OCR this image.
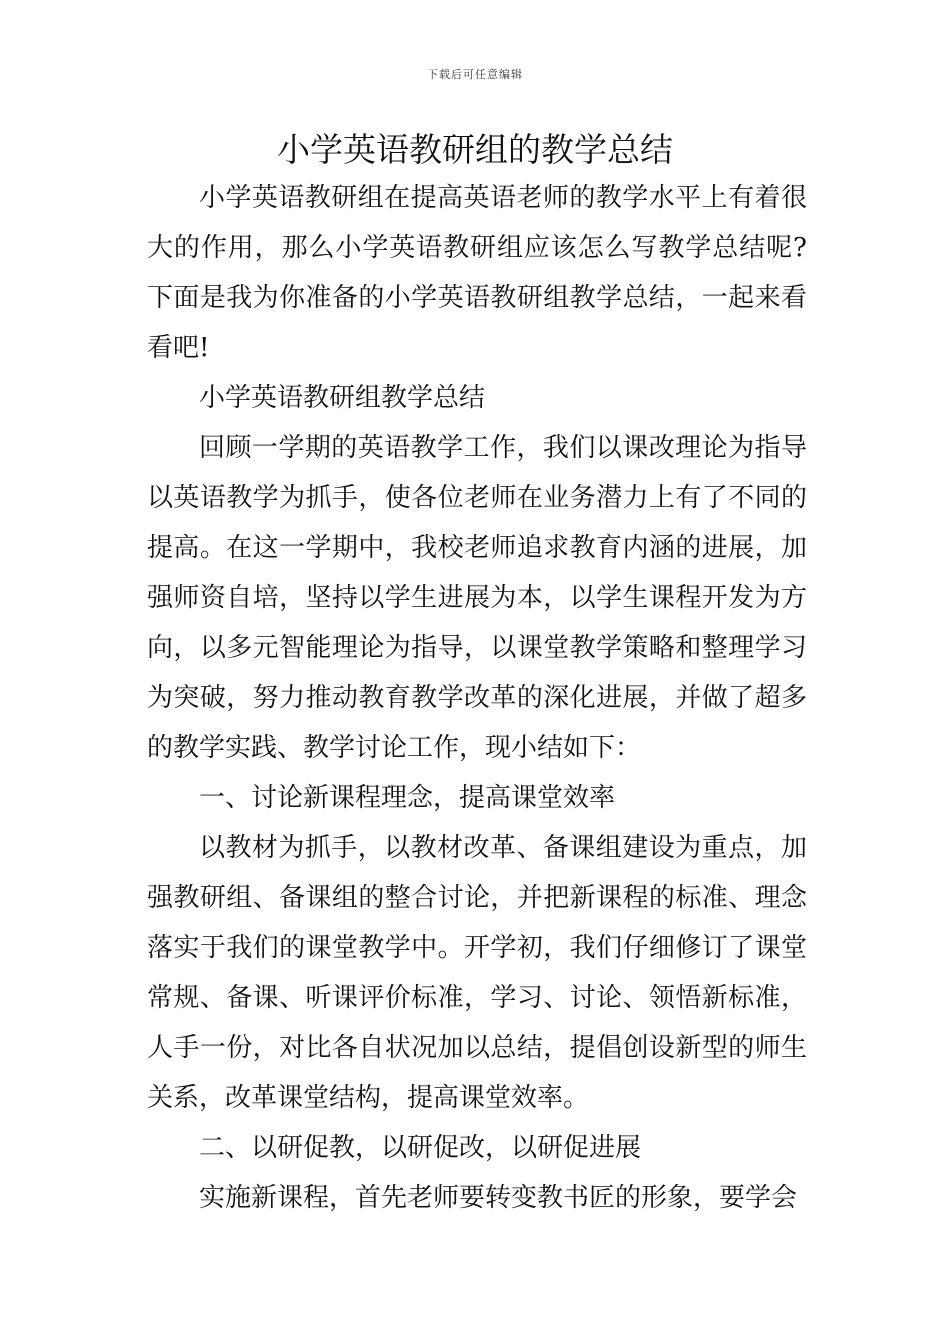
下载后可任意编辑
小学英语教研组的教学总结

小学英语教研组在提高英语老师的教学水平上有着很大的作用，那么小学英语教研组应该怎么写教学总结呢?下面是我为你准备的小学英语教研组教学总结，一起来看看吧!

小学英语教研组教学总结

回顾一学期的英语教学工作，我们以课改理论为指导以英语教学为抓手，使各位老师在业务潜力上有了不同的提高。在这一学期中，我校老师追求教育内涵的进展，加强师资自培，坚持以学生进展为本，以学生课程开发为方向，以多元智能理论为指导，以课堂教学策略和整理学习为突破，努力推动教育教学改革的深化进展，并做了超多的教学实践、教学讨论工作，现小结如下：

一、讨论新课程理念，提高课堂效率

以教材为抓手，以教材改革、备课组建设为重点，加强教研组、备课组的整合讨论，并把新课程的标准、理念落实于我们的课堂教学中。开学初，我们仔细修订了课堂常规、备课、听课评价标准，学习、讨论、领悟新标准，人手一份，对比各自状况加以总结，提倡创设新型的师生关系，改革课堂结构，提高课堂效率。

二、以研促教，以研促改，以研促进展

实施新课程，首先老师要转变教书匠的形象，要学会
